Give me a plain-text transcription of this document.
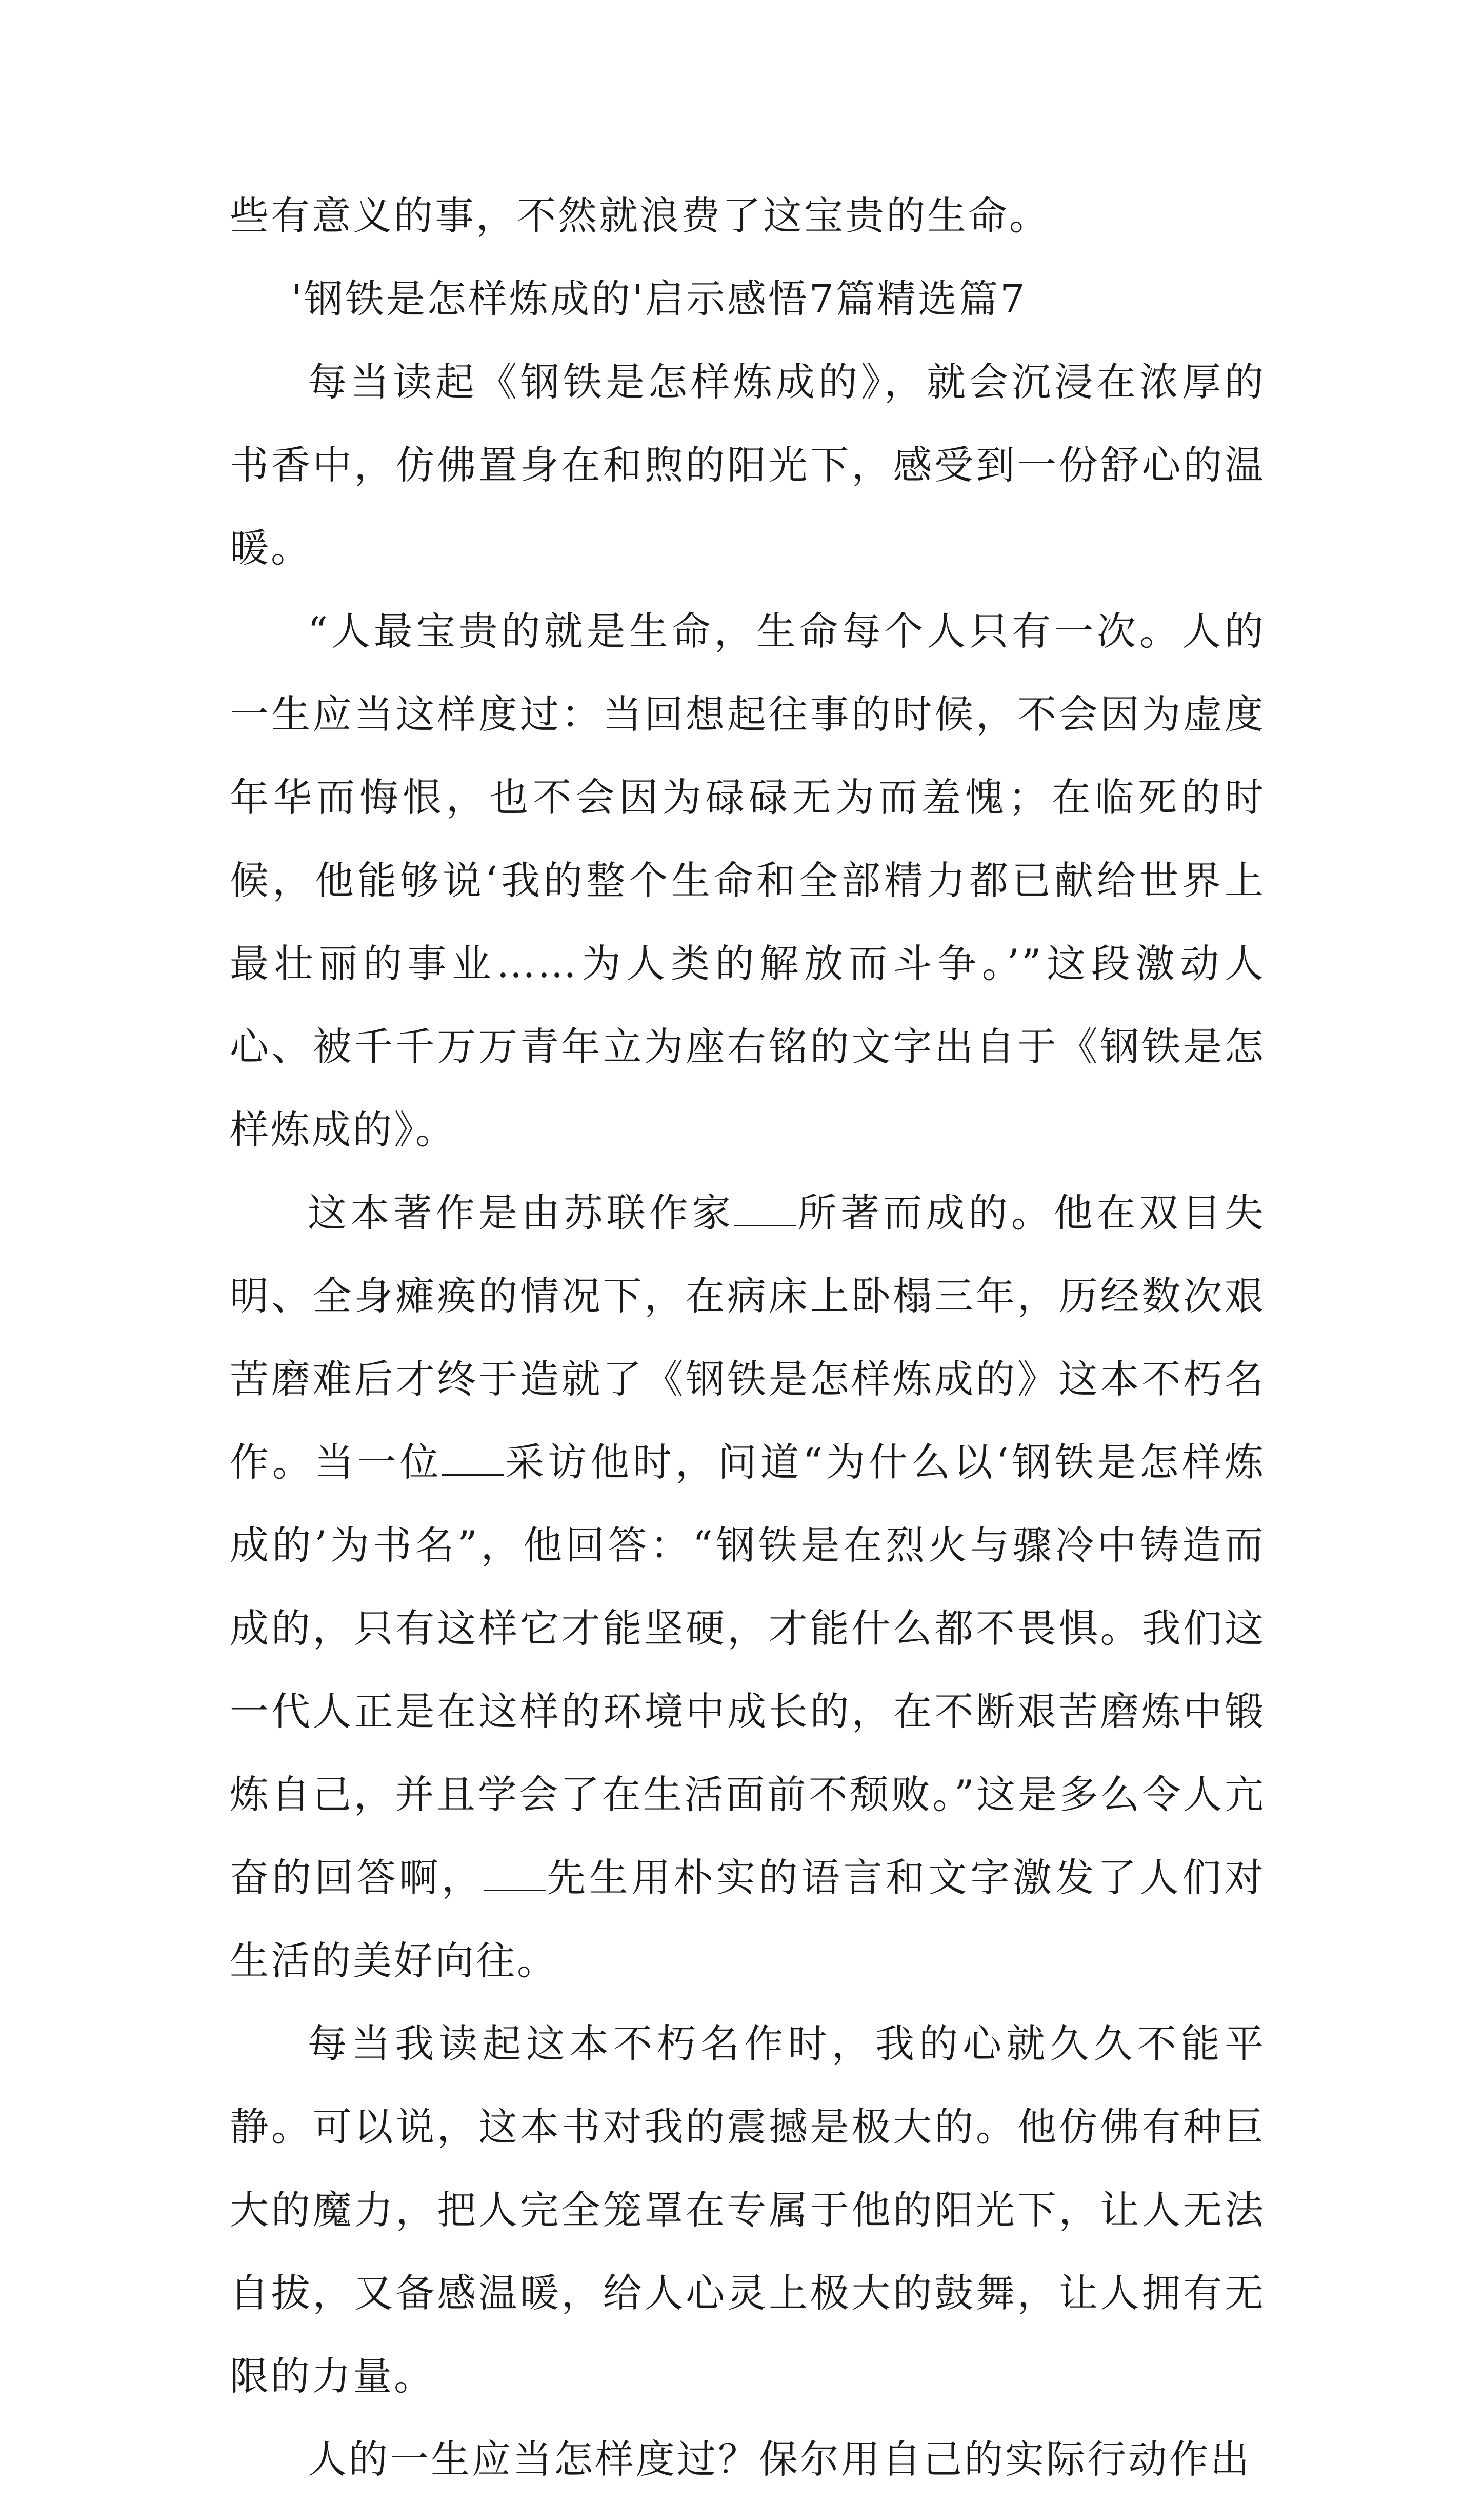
些有意义的事，不然就浪费了这宝贵的生命。

'钢铁是怎样炼成的'启示感悟7篇精选篇7

每当读起《钢铁是怎样炼成的》，就会沉浸在浓厚的书香中，仿佛置身在和煦的阳光下，感受到一份舒心的温暖。

“人最宝贵的就是生命，生命每个人只有一次。人的一生应当这样度过：当回想起往事的时候，不会因为虚度年华而悔恨，也不会因为碌碌无为而羞愧；在临死的时候，他能够说‘我的整个生命和全部精力都已献给世界上最壮丽的事业……为人类的解放而斗争。’”这段激动人心、被千千万万青年立为座右铭的文字出自于《钢铁是怎样炼成的》。

这本著作是由苏联作家 所著而成的。他在双目失明、全身瘫痪的情况下，在病床上卧榻三年，历经数次艰苦磨难后才终于造就了《钢铁是怎样炼成的》这本不朽名作。当一位 采访他时，问道“为什么以‘钢铁是怎样炼成的’为书名”，他回答：“钢铁是在烈火与骤冷中铸造而成的，只有这样它才能坚硬，才能什么都不畏惧。我们这一代人正是在这样的环境中成长的，在不断艰苦磨炼中锻炼自己，并且学会了在生活面前不颓败。”这是多么令人亢奋的回答啊， 先生用朴实的语言和文字激发了人们对生活的美好向往。

每当我读起这本不朽名作时，我的心就久久不能平静。可以说，这本书对我的震撼是极大的。他仿佛有种巨大的魔力，把人完全笼罩在专属于他的阳光下，让人无法自拔，又备感温暖，给人心灵上极大的鼓舞，让人拥有无限的力量。

人的一生应当怎样度过？保尔用自己的实际行动作出
